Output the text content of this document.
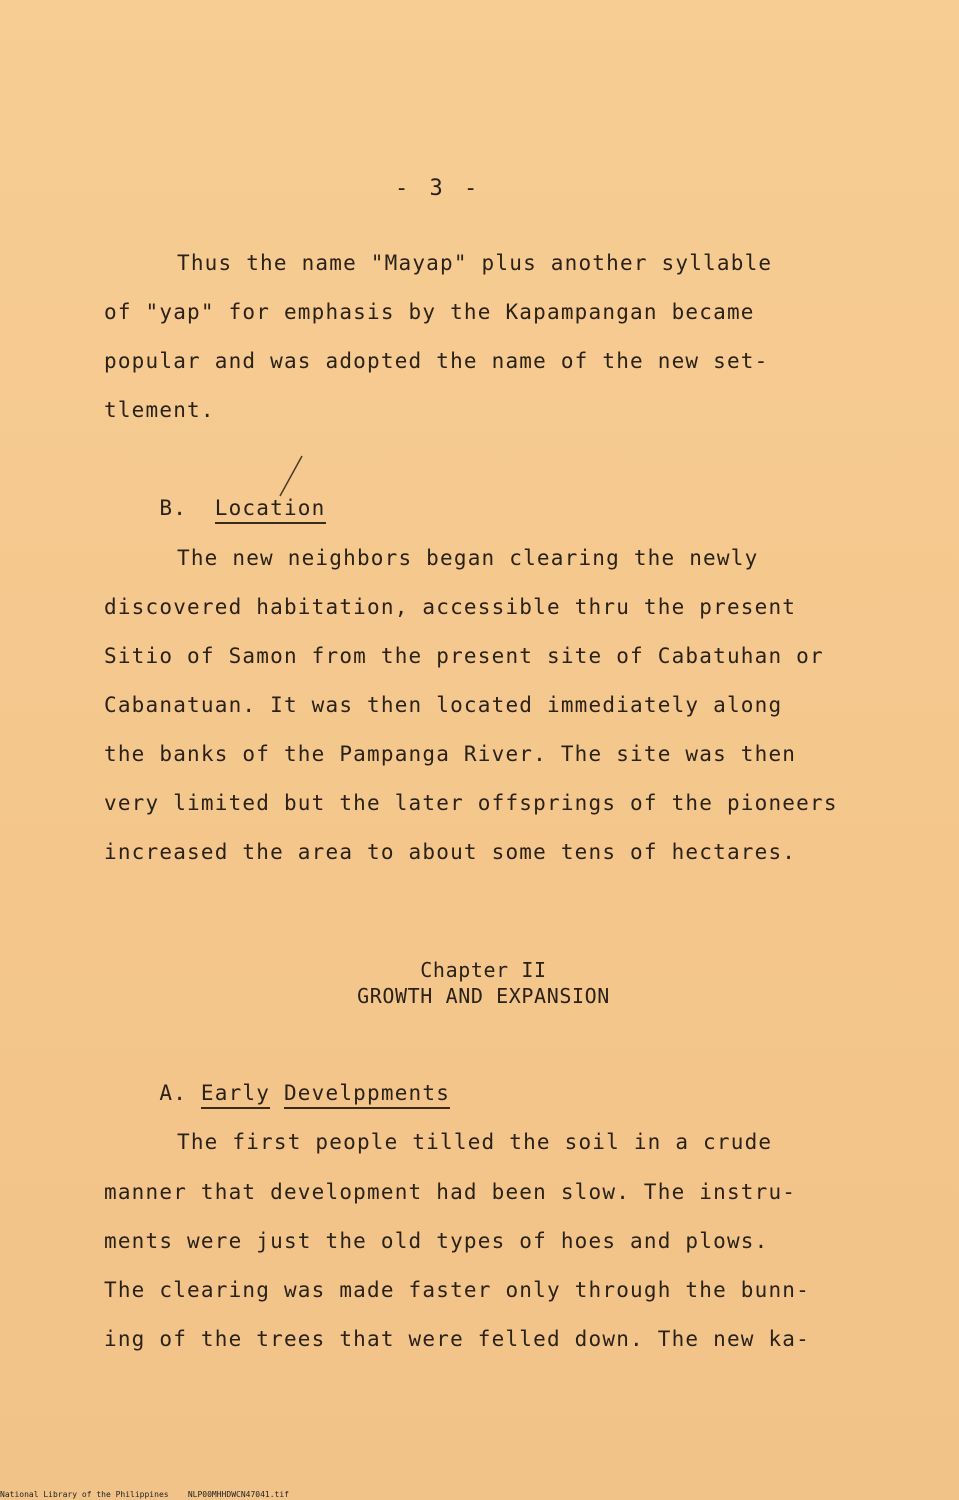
- 3 -
Thus the name "Mayap" plus another syllable
of "yap" for emphasis by the Kapampangan became
popular and was adopted the name of the new set-
tlement.

B. Location

The new neighbors began clearing the newly
discovered habitation, accessible thru the present
Sitio of Samon from the present site of Cabatuhan or
Cabanatuan. It was then located immediately along
the banks of the Pampanga River. The site was then
very limited but the later offsprings of the pioneers
increased the area to about some tens of hectares.
Chapter II
GROWTH AND EXPANSION

A. Early Develppments

The first people tilled the soil in a crude
manner that development had been slow. The instru-
ments were just the old types of hoes and plows.
The clearing was made faster only through the bunn-
ing of the trees that were felled down. The new ka-
National Library of the Philippines NLP00MHHDWCN47041.tif
